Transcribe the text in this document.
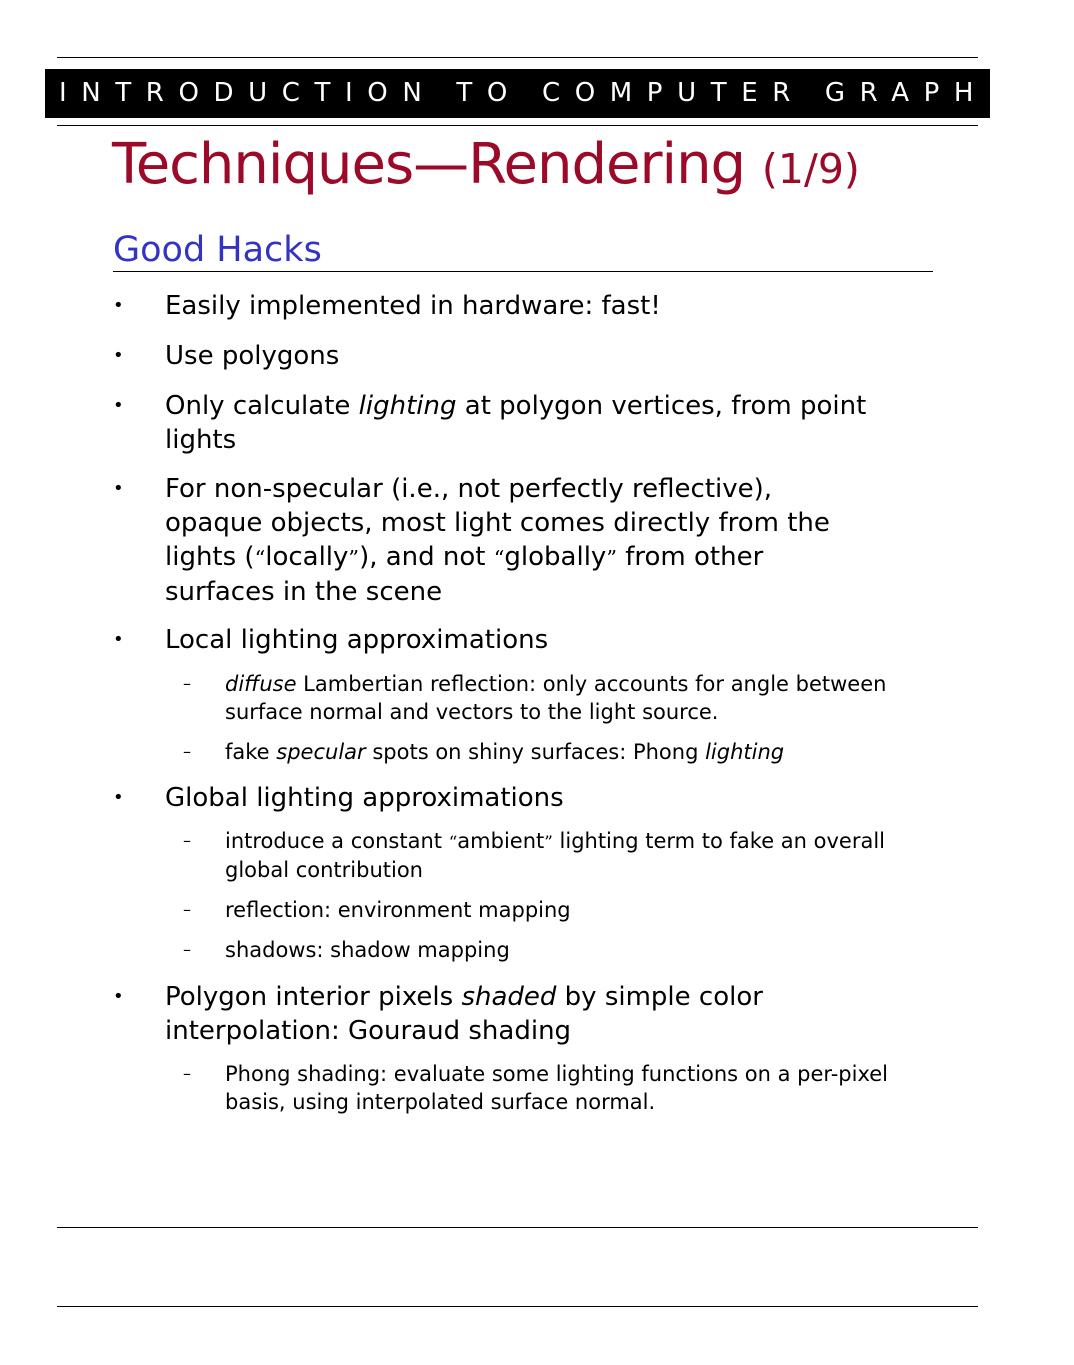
INTRODUCTION TO COMPUTER GRAPHICS
Techniques—Rendering (1/9)
Good Hacks
• Easily implemented in hardware: fast!
• Use polygons
• Only calculate lighting at polygon vertices, from point lights
• For non-specular (i.e., not perfectly reflective), opaque objects, most light comes directly from the lights (“locally”), and not “globally” from other surfaces in the scene
• Local lighting approximations
– diffuse Lambertian reflection: only accounts for angle between surface normal and vectors to the light source.
– fake specular spots on shiny surfaces: Phong lighting
• Global lighting approximations
– introduce a constant “ambient” lighting term to fake an overall global contribution
– reflection: environment mapping
– shadows: shadow mapping
• Polygon interior pixels shaded by simple color interpolation: Gouraud shading
– Phong shading: evaluate some lighting functions on a per-pixel basis, using interpolated surface normal.
